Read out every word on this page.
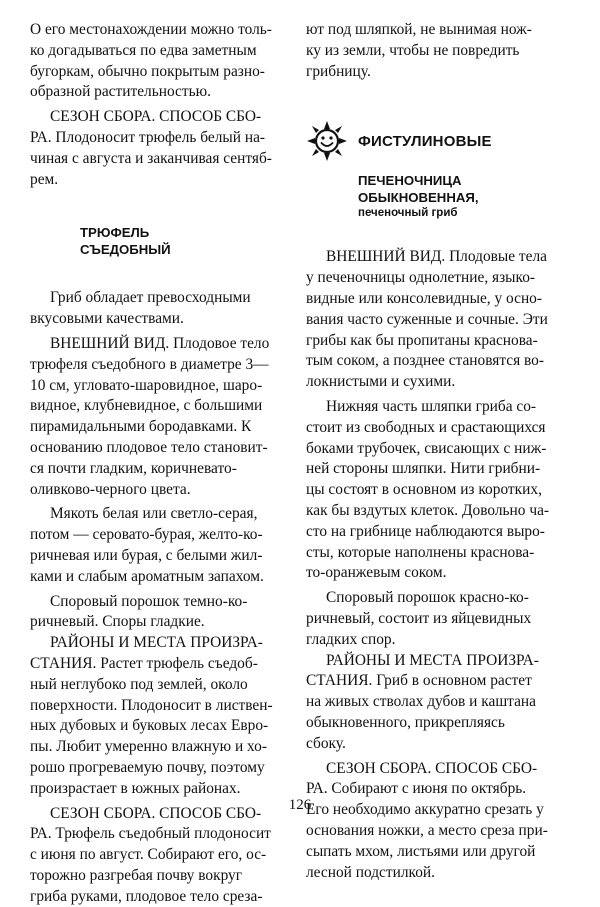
О его местонахождении можно толь-
ко догадываться по едва заметным
бугоркам, обычно покрытым разно-
образной растительностью.

СЕЗОН СБОРА. СПОСОБ СБО-
РА. Плодоносит трюфель белый на-
чиная с августа и заканчивая сентяб-
рем.

ТРЮФЕЛЬ
СЪЕДОБНЫЙ

Гриб обладает превосходными
вкусовыми качествами.

ВНЕШНИЙ ВИД. Плодовое тело
трюфеля съедобного в диаметре 3—
10 см, угловато-шаровидное, шаро-
видное, клубневидное, с большими
пирамидальными бородавками. К
основанию плодовое тело становит-
ся почти гладким, коричневато-
оливково-черного цвета.

Мякоть белая или светло-серая,
потом — серовато-бурая, желто-ко-
ричневая или бурая, с белыми жил-
ками и слабым ароматным запахом.

Споровый порошок темно-ко-
ричневый. Споры гладкие.

РАЙОНЫ И МЕСТА ПРОИЗРА-
СТАНИЯ. Растет трюфель съедоб-
ный неглубоко под землей, около
поверхности. Плодоносит в листвен-
ных дубовых и буковых лесах Евро-
пы. Любит умеренно влажную и хо-
рошо прогреваемую почву, поэтому
произрастает в южных районах.

СЕЗОН СБОРА. СПОСОБ СБО-
РА. Трюфель съедобный плодоносит
с июня по август. Собирают его, ос-
торожно разгребая почву вокруг
гриба руками, плодовое тело среза-

ют под шляпкой, не вынимая нож-
ку из земли, чтобы не повредить
грибницу.

ФИСТУЛИНОВЫЕ

ПЕЧЕНОЧНИЦА
ОБЫКНОВЕННАЯ,

печеночный гриб

ВНЕШНИЙ ВИД. Плодовые тела
у печеночницы однолетние, языко-
видные или консолевидные, у осно-
вания часто суженные и сочные. Эти
грибы как бы пропитаны краснова-
тым соком, а позднее становятся во-
локнистыми и сухими.

Нижняя часть шляпки гриба со-
стоит из свободных и срастающихся
боками трубочек, свисающих с ниж-
ней стороны шляпки. Нити грибни-
цы состоят в основном из коротких,
как бы вздутых клеток. Довольно ча-
сто на грибнице наблюдаются выро-
сты, которые наполнены краснова-
то-оранжевым соком.

Споровый порошок красно-ко-
ричневый, состоит из яйцевидных
гладких спор.

РАЙОНЫ И МЕСТА ПРОИЗРА-
СТАНИЯ. Гриб в основном растет
на живых стволах дубов и каштана
обыкновенного, прикрепляясь
сбоку.

СЕЗОН СБОРА. СПОСОБ СБО-
РА. Собирают с июня по октябрь.
Его необходимо аккуратно срезать у
основания ножки, а место среза при-
сыпать мхом, листьями или другой
лесной подстилкой.

126
